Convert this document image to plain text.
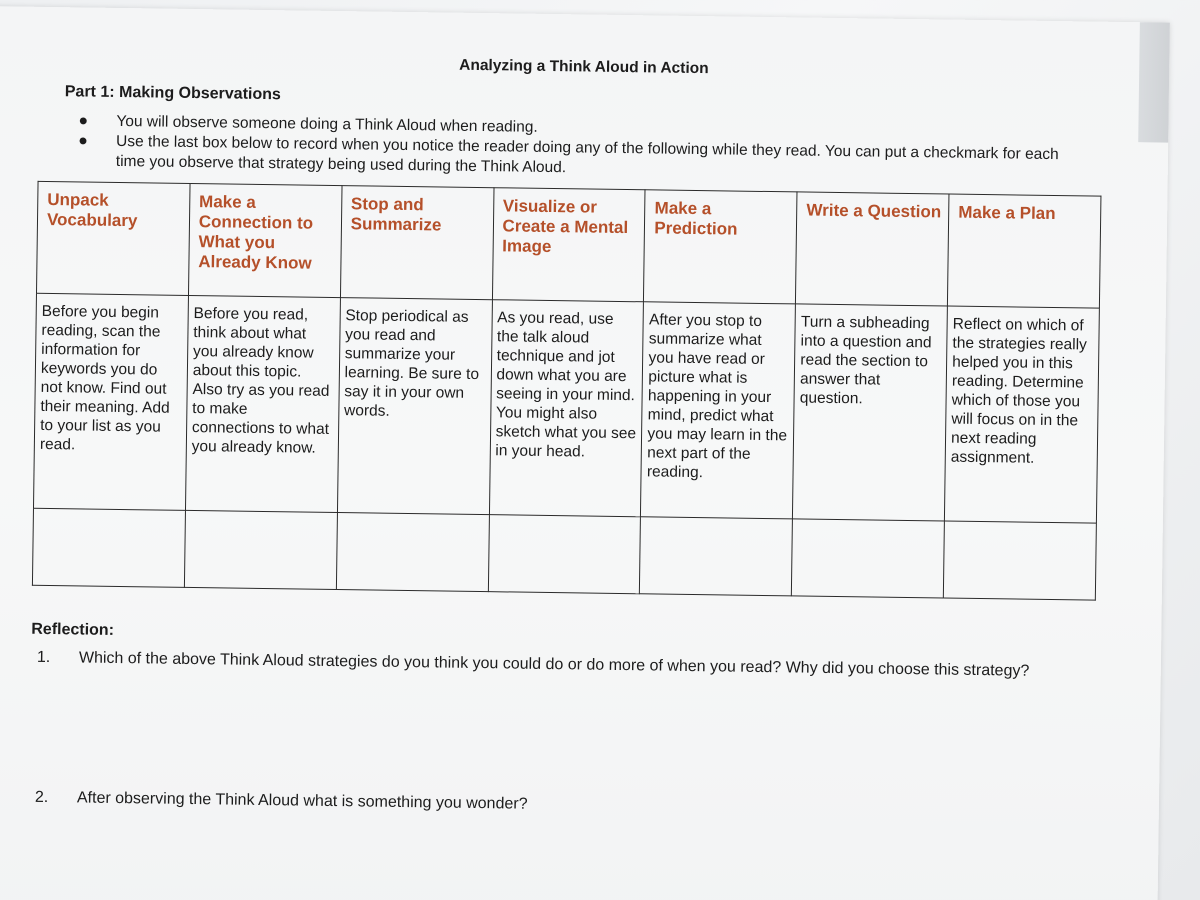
Analyzing a Think Aloud in Action
Part 1: Making Observations
●	You will observe someone doing a Think Aloud when reading.
●	Use the last box below to record when you notice the reader doing any of the following while they read. You can put a checkmark for each time you observe that strategy being used during the Think Aloud.
Unpack Vocabulary	Make a Connection to What you Already Know	Stop and Summarize	Visualize or Create a Mental Image	Make a Prediction	Write a Question	Make a Plan
Before you begin reading, scan the information for keywords you do not know. Find out their meaning. Add to your list as you read.	Before you read, think about what you already know about this topic. Also try as you read to make connections to what you already know.	Stop periodical as you read and summarize your learning. Be sure to say it in your own words.	As you read, use the talk aloud technique and jot down what you are seeing in your mind. You might also sketch what you see in your head.	After you stop to summarize what you have read or picture what is happening in your mind, predict what you may learn in the next part of the reading.	Turn a subheading into a question and read the section to answer that question.	Reflect on which of the strategies really helped you in this reading. Determine which of those you will focus on in the next reading assignment.

Reflection:
1.	Which of the above Think Aloud strategies do you think you could do or do more of when you read? Why did you choose this strategy?
2.	After observing the Think Aloud what is something you wonder?
